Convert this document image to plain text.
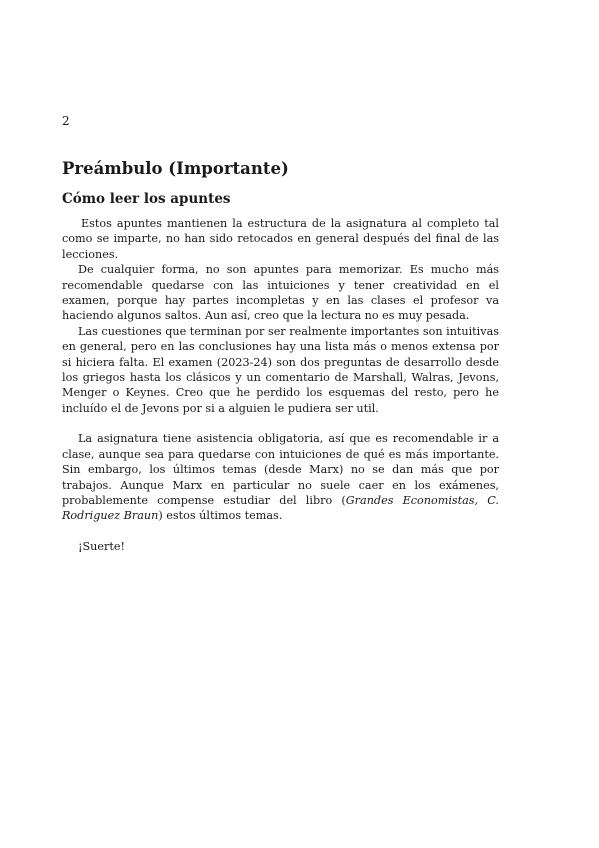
2
Preámbulo (Importante)
Cómo leer los apuntes

Estos apuntes mantienen la estructura de la asignatura al completo tal como se imparte, no han sido retocados en general después del final de las lecciones.

De cualquier forma, no son apuntes para memorizar. Es mucho más recomendable quedarse con las intuiciones y tener creatividad en el examen, porque hay partes incompletas y en las clases el profesor va haciendo algunos saltos. Aun así, creo que la lectura no es muy pesada.

Las cuestiones que terminan por ser realmente importantes son intuitivas en general, pero en las conclusiones hay una lista más o menos extensa por si hiciera falta. El examen (2023-24) son dos preguntas de desarrollo desde los griegos hasta los clásicos y un comentario de Marshall, Walras, Jevons, Menger o Keynes. Creo que he perdido los esquemas del resto, pero he incluído el de Jevons por si a alguien le pudiera ser util.

La asignatura tiene asistencia obligatoria, así que es recomendable ir a clase, aunque sea para quedarse con intuiciones de qué es más importante. Sin embargo, los últimos temas (desde Marx) no se dan más que por trabajos. Aunque Marx en particular no suele caer en los exámenes, probablemente compense estudiar del libro (Grandes Economistas, C. Rodriguez Braun) estos últimos temas.

¡Suerte!
